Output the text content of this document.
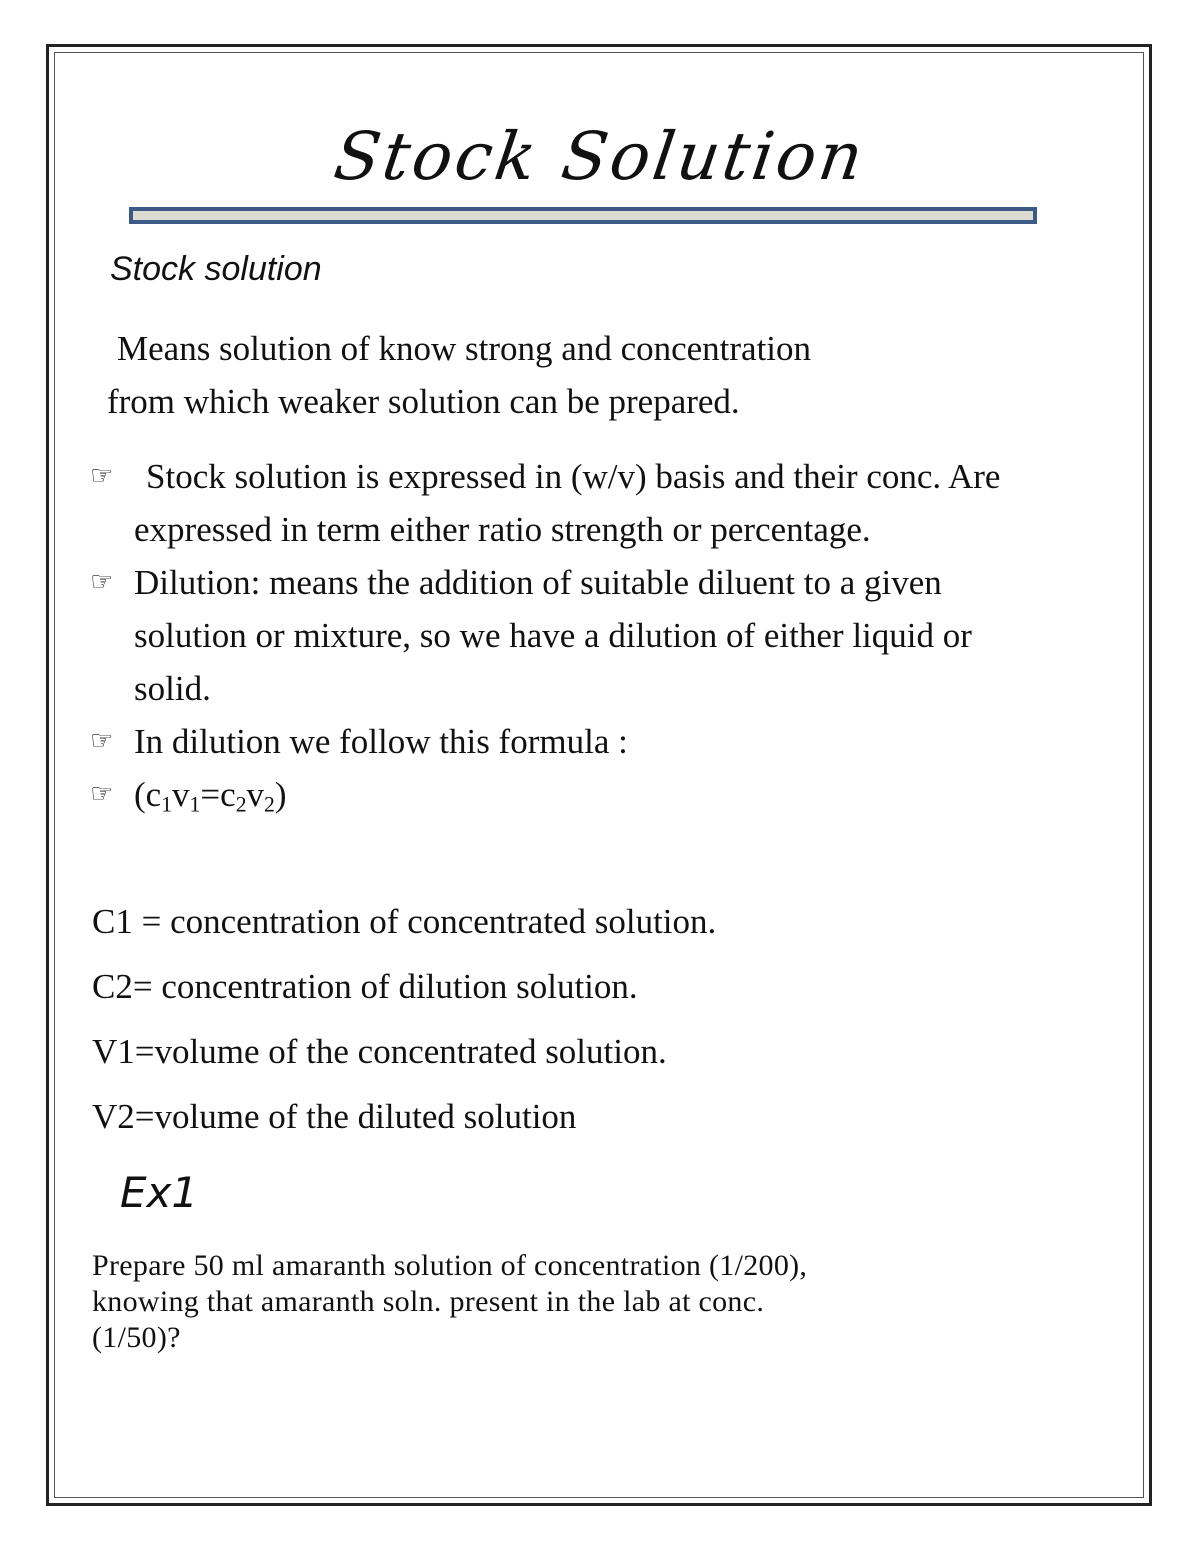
Stock Solution
Stock solution
Means solution of know strong and concentration
from which weaker solution can be prepared.
☞ Stock solution is expressed in (w/v) basis and their conc. Are expressed in term either ratio strength or percentage.
☞ Dilution: means the addition of suitable diluent to a given solution or mixture, so we have a dilution of either liquid or solid.
☞ In dilution we follow this formula :
☞ $(c_1v_1=c_2v_2)$
C1 = concentration of concentrated solution.
C2= concentration of dilution solution.
V1=volume of the concentrated solution.
V2=volume of the diluted solution
Ex1
Prepare 50 ml amaranth solution of concentration (1/200),
knowing that amaranth soln. present in the lab at conc.
(1/50)?
